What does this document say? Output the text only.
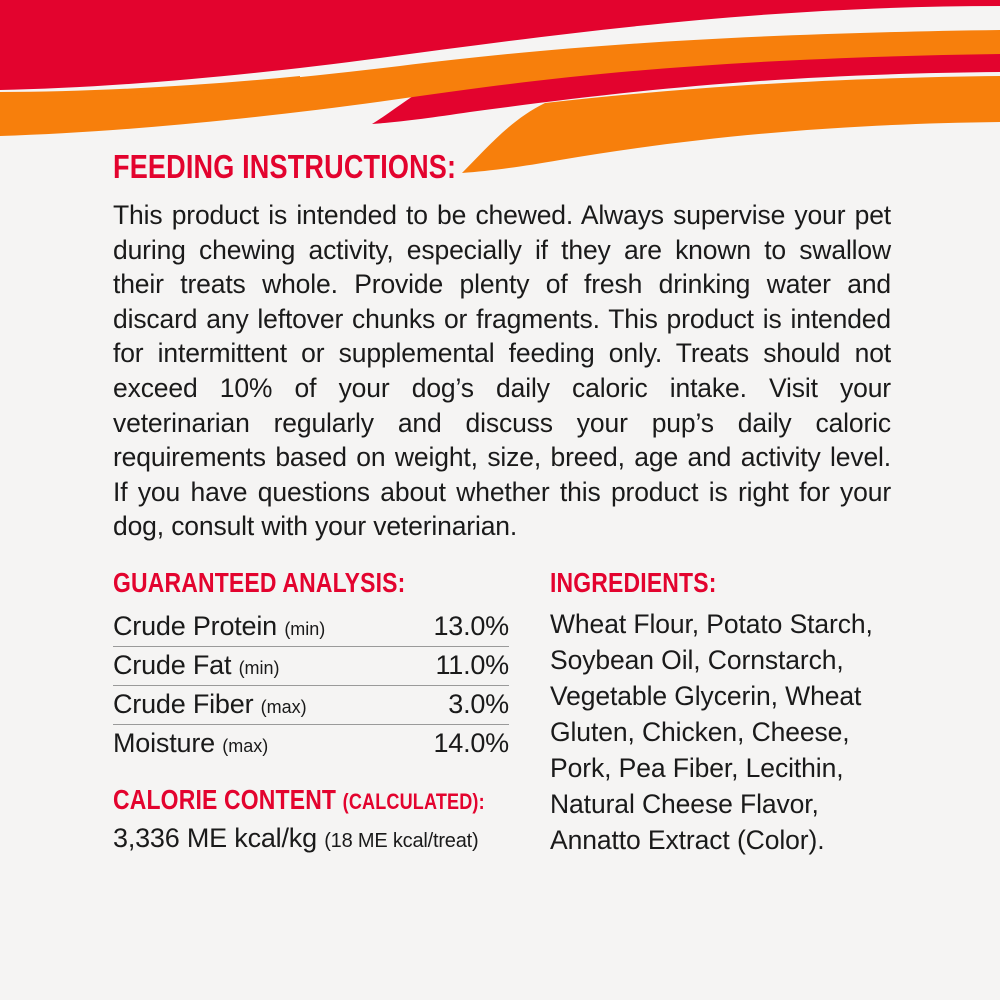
FEEDING INSTRUCTIONS:

This product is intended to be chewed. Always supervise your pet during chewing activity, especially if they are known to swallow their treats whole. Provide plenty of fresh drinking water and discard any leftover chunks or fragments. This product is intended for intermittent or supplemental feeding only. Treats should not exceed 10% of your dog’s daily caloric intake. Visit your veterinarian regularly and discuss your pup’s daily caloric requirements based on weight, size, breed, age and activity level. If you have questions about whether this product is right for your dog, consult with your veterinarian.

GUARANTEED ANALYSIS:
Crude Protein (min)	13.0%
Crude Fat (min)	11.0%
Crude Fiber (max)	3.0%
Moisture (max)	14.0%
CALORIE CONTENT (CALCULATED):
3,336 ME kcal/kg (18 ME kcal/treat)
INGREDIENTS:

Wheat Flour, Potato Starch, Soybean Oil, Cornstarch, Vegetable Glycerin, Wheat Gluten, Chicken, Cheese, Pork, Pea Fiber, Lecithin, Natural Cheese Flavor, Annatto Extract (Color).
